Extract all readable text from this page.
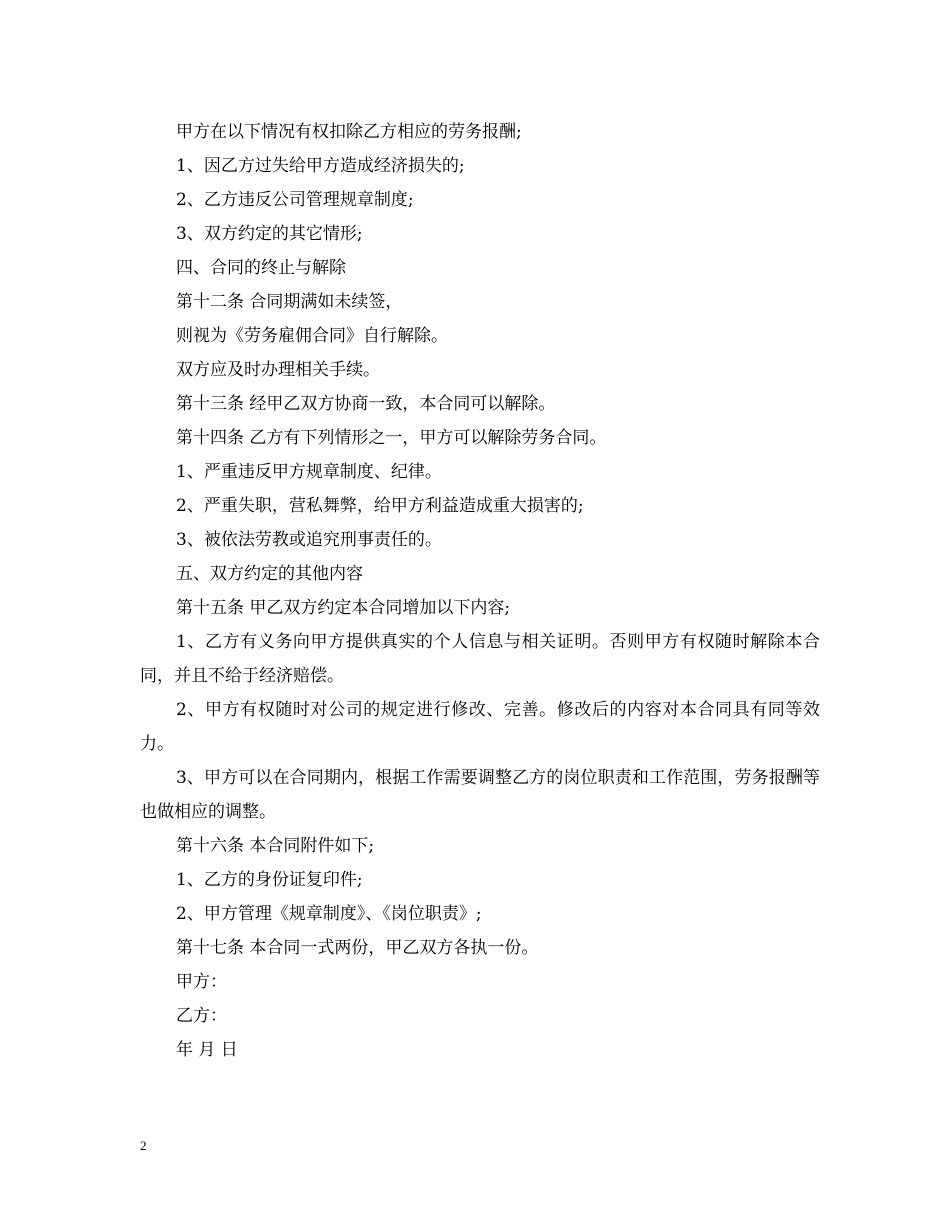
甲方在以下情况有权扣除乙方相应的劳务报酬;

1、因乙方过失给甲方造成经济损失的;

2、乙方违反公司管理规章制度;

3、双方约定的其它情形;

四、合同的终止与解除

第十二条 合同期满如未续签，

则视为《劳务雇佣合同》自行解除。

双方应及时办理相关手续。

第十三条 经甲乙双方协商一致，本合同可以解除。

第十四条 乙方有下列情形之一，甲方可以解除劳务合同。

1、严重违反甲方规章制度、纪律。

2、严重失职，营私舞弊，给甲方利益造成重大损害的;

3、被依法劳教或追究刑事责任的。

五、双方约定的其他内容

第十五条 甲乙双方约定本合同增加以下内容;

1、乙方有义务向甲方提供真实的个人信息与相关证明。否则甲方有权随时解除本合同，并且不给于经济赔偿。

2、甲方有权随时对公司的规定进行修改、完善。修改后的内容对本合同具有同等效力。

3、甲方可以在合同期内，根据工作需要调整乙方的岗位职责和工作范围，劳务报酬等也做相应的调整。

第十六条 本合同附件如下;

1、乙方的身份证复印件;

2、甲方管理《规章制度》、《岗位职责》;

第十七条 本合同一式两份，甲乙双方各执一份。

甲方：

乙方：

年 月 日

2
